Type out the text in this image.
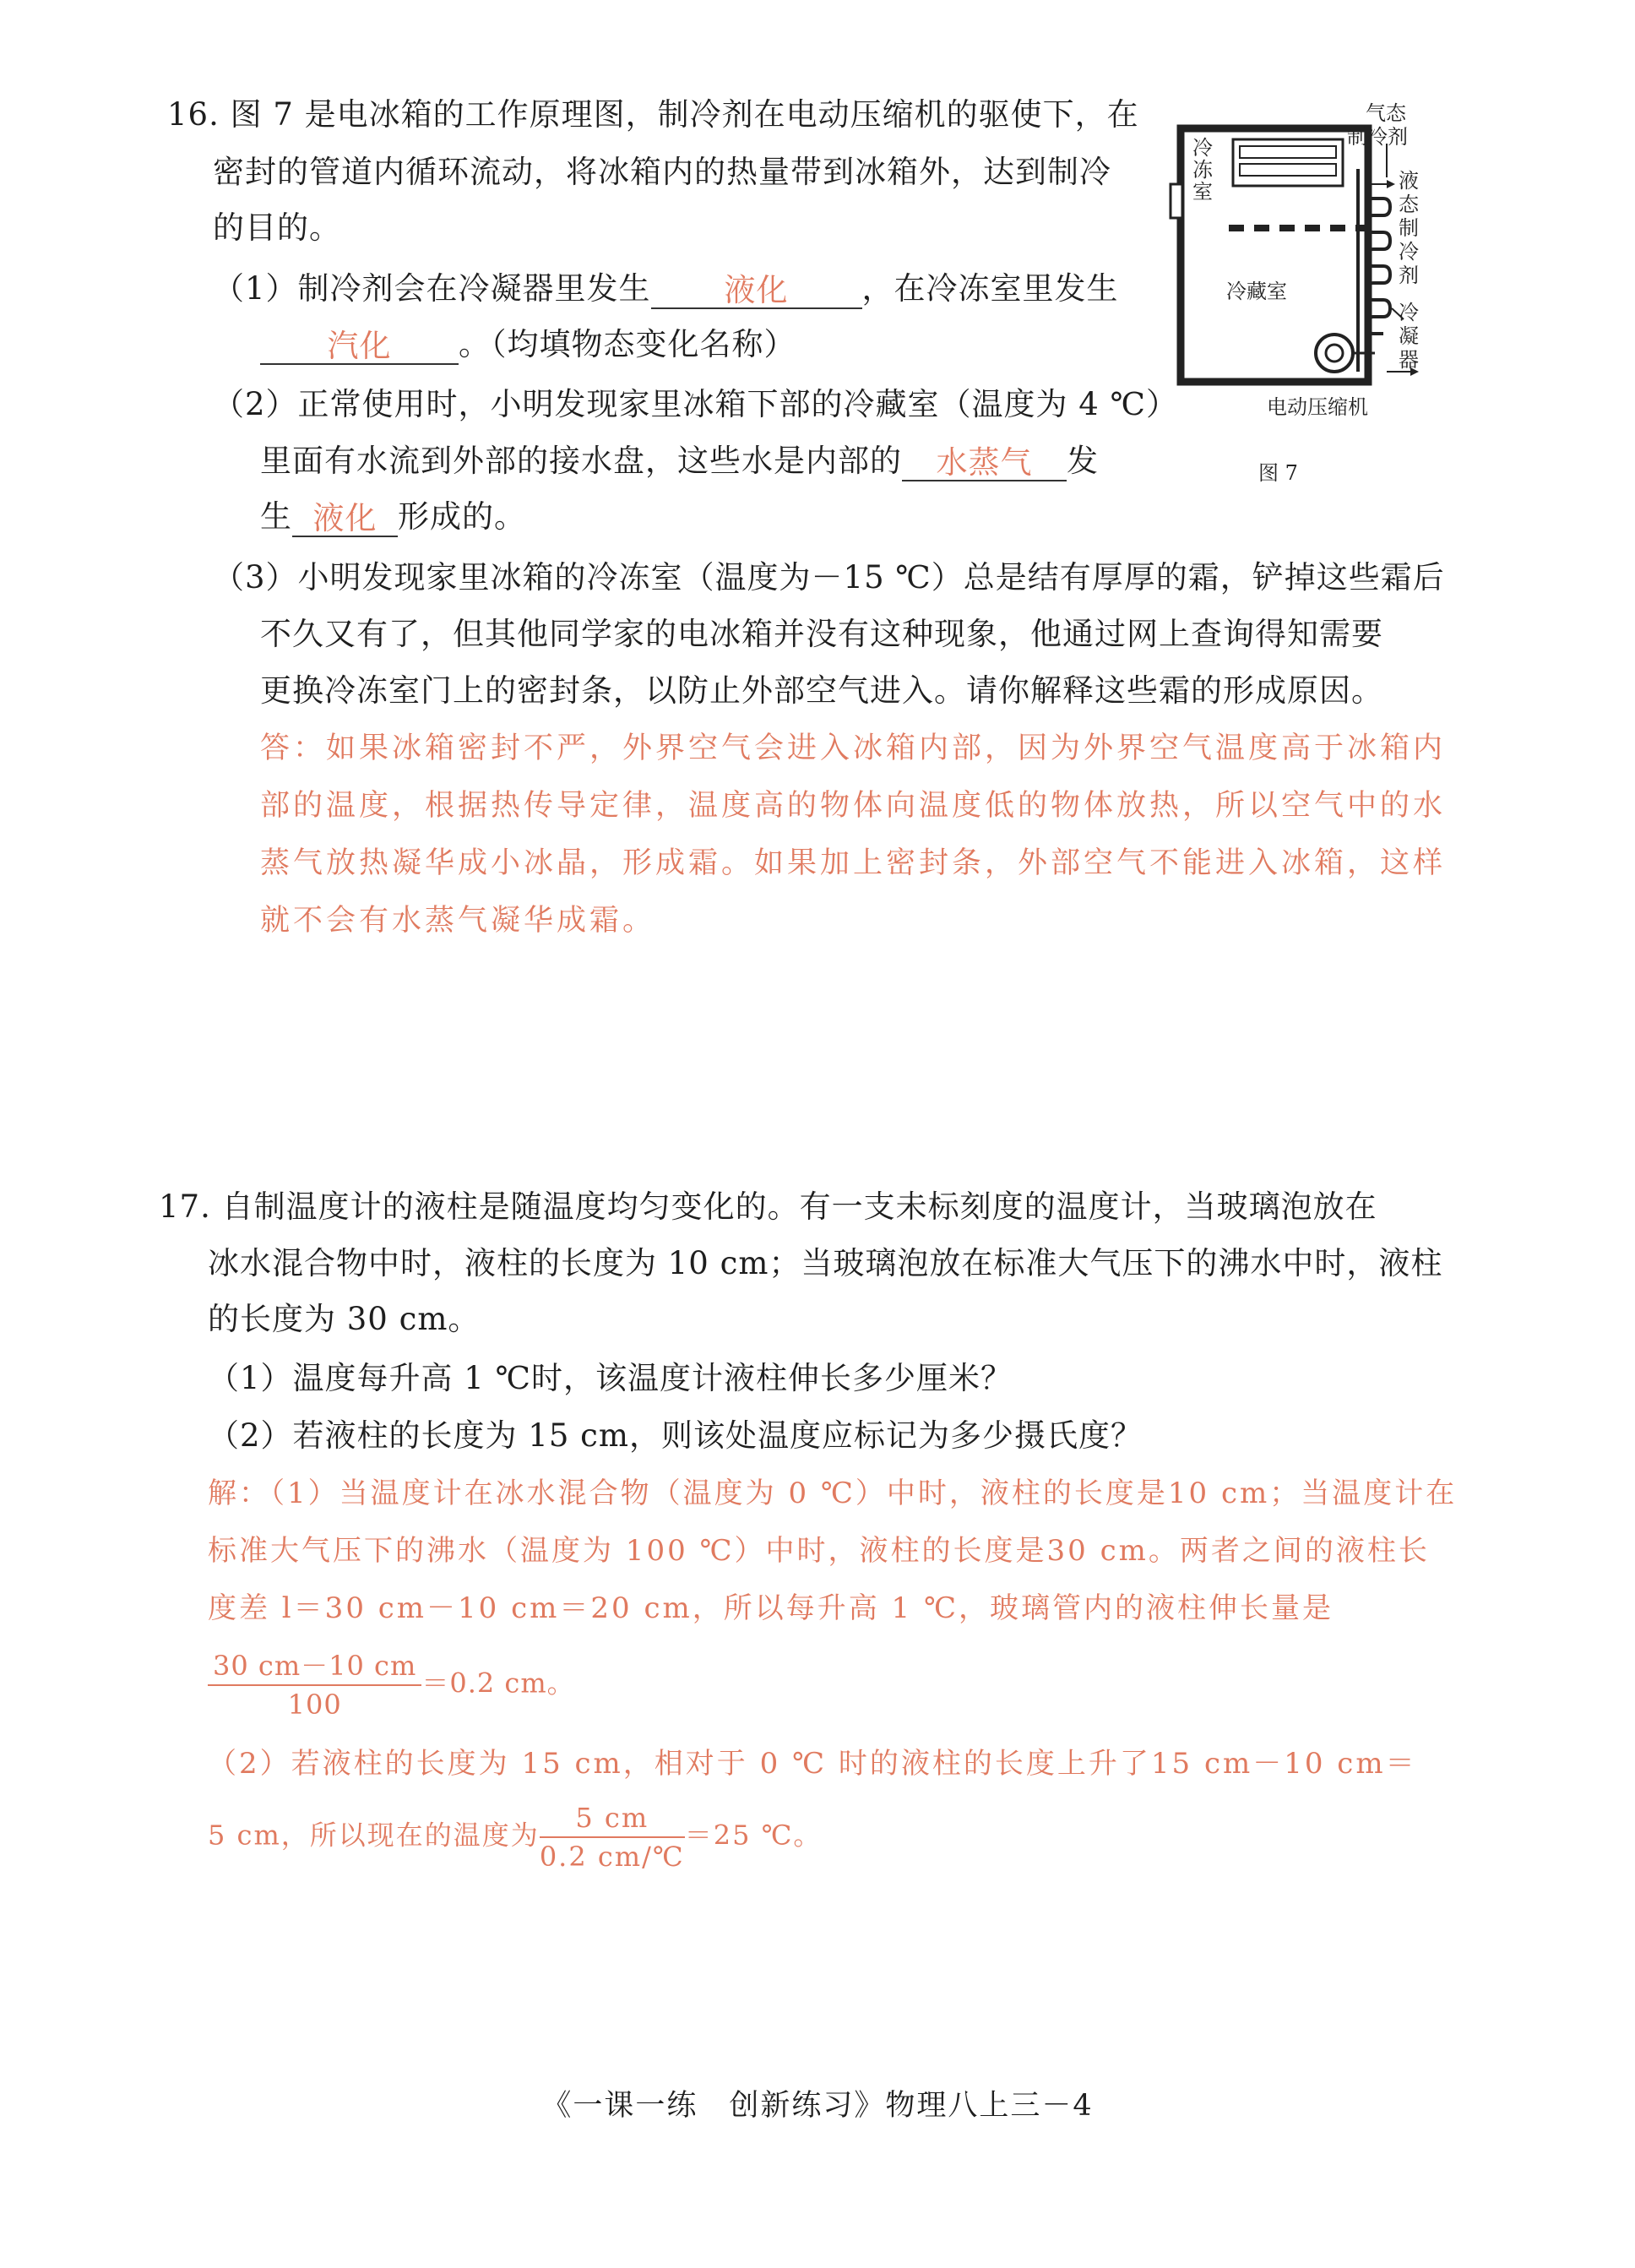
16. 图 7 是电冰箱的工作原理图，制冷剂在电动压缩机的驱使下，在
密封的管道内循环流动，将冰箱内的热量带到冰箱外，达到制冷
的目的。
（1）制冷剂会在冷凝器里发生 液化 ，在冷冻室里发生
汽化 。（均填物态变化名称）
（2）正常使用时，小明发现家里冰箱下部的冷藏室（温度为 4 ℃）
里面有水流到外部的接水盘，这些水是内部的 水蒸气 发
生 液化 形成的。
（3）小明发现家里冰箱的冷冻室（温度为－15 ℃）总是结有厚厚的霜，铲掉这些霜后
不久又有了，但其他同学家的电冰箱并没有这种现象，他通过网上查询得知需要
更换冷冻室门上的密封条，以防止外部空气进入。请你解释这些霜的形成原因。
答：如果冰箱密封不严，外界空气会进入冰箱内部，因为外界空气温度高于冰箱内
部的温度，根据热传导定律，温度高的物体向温度低的物体放热，所以空气中的水
蒸气放热凝华成小冰晶，形成霜。如果加上密封条，外部空气不能进入冰箱，这样
就不会有水蒸气凝华成霜。
冷
冻
室
冷藏室
气态
制冷剂
液态制冷剂
冷凝器
电动压缩机
图 7
17. 自制温度计的液柱是随温度均匀变化的。有一支未标刻度的温度计，当玻璃泡放在
冰水混合物中时，液柱的长度为 10 cm；当玻璃泡放在标准大气压下的沸水中时，液柱
的长度为 30 cm。
（1）温度每升高 1 ℃时，该温度计液柱伸长多少厘米？
（2）若液柱的长度为 15 cm，则该处温度应标记为多少摄氏度？
解：（1）当温度计在冰水混合物（温度为 0 ℃）中时，液柱的长度是10 cm；当温度计在
标准大气压下的沸水（温度为 100 ℃）中时，液柱的长度是30 cm。两者之间的液柱长
度差 l＝30 cm－10 cm＝20 cm，所以每升高 1 ℃，玻璃管内的液柱伸长量是
$\frac{30 cm-10 cm}{100} =0.2$ cm。
（2）若液柱的长度为 15 cm，相对于 0 ℃ 时的液柱的长度上升了15 cm－10 cm＝
5 cm，所以现在的温度为 $\frac{5 cm}{0.2 cm/℃} =25$ ℃。
《一课一练　创新练习》物理八上三－4
